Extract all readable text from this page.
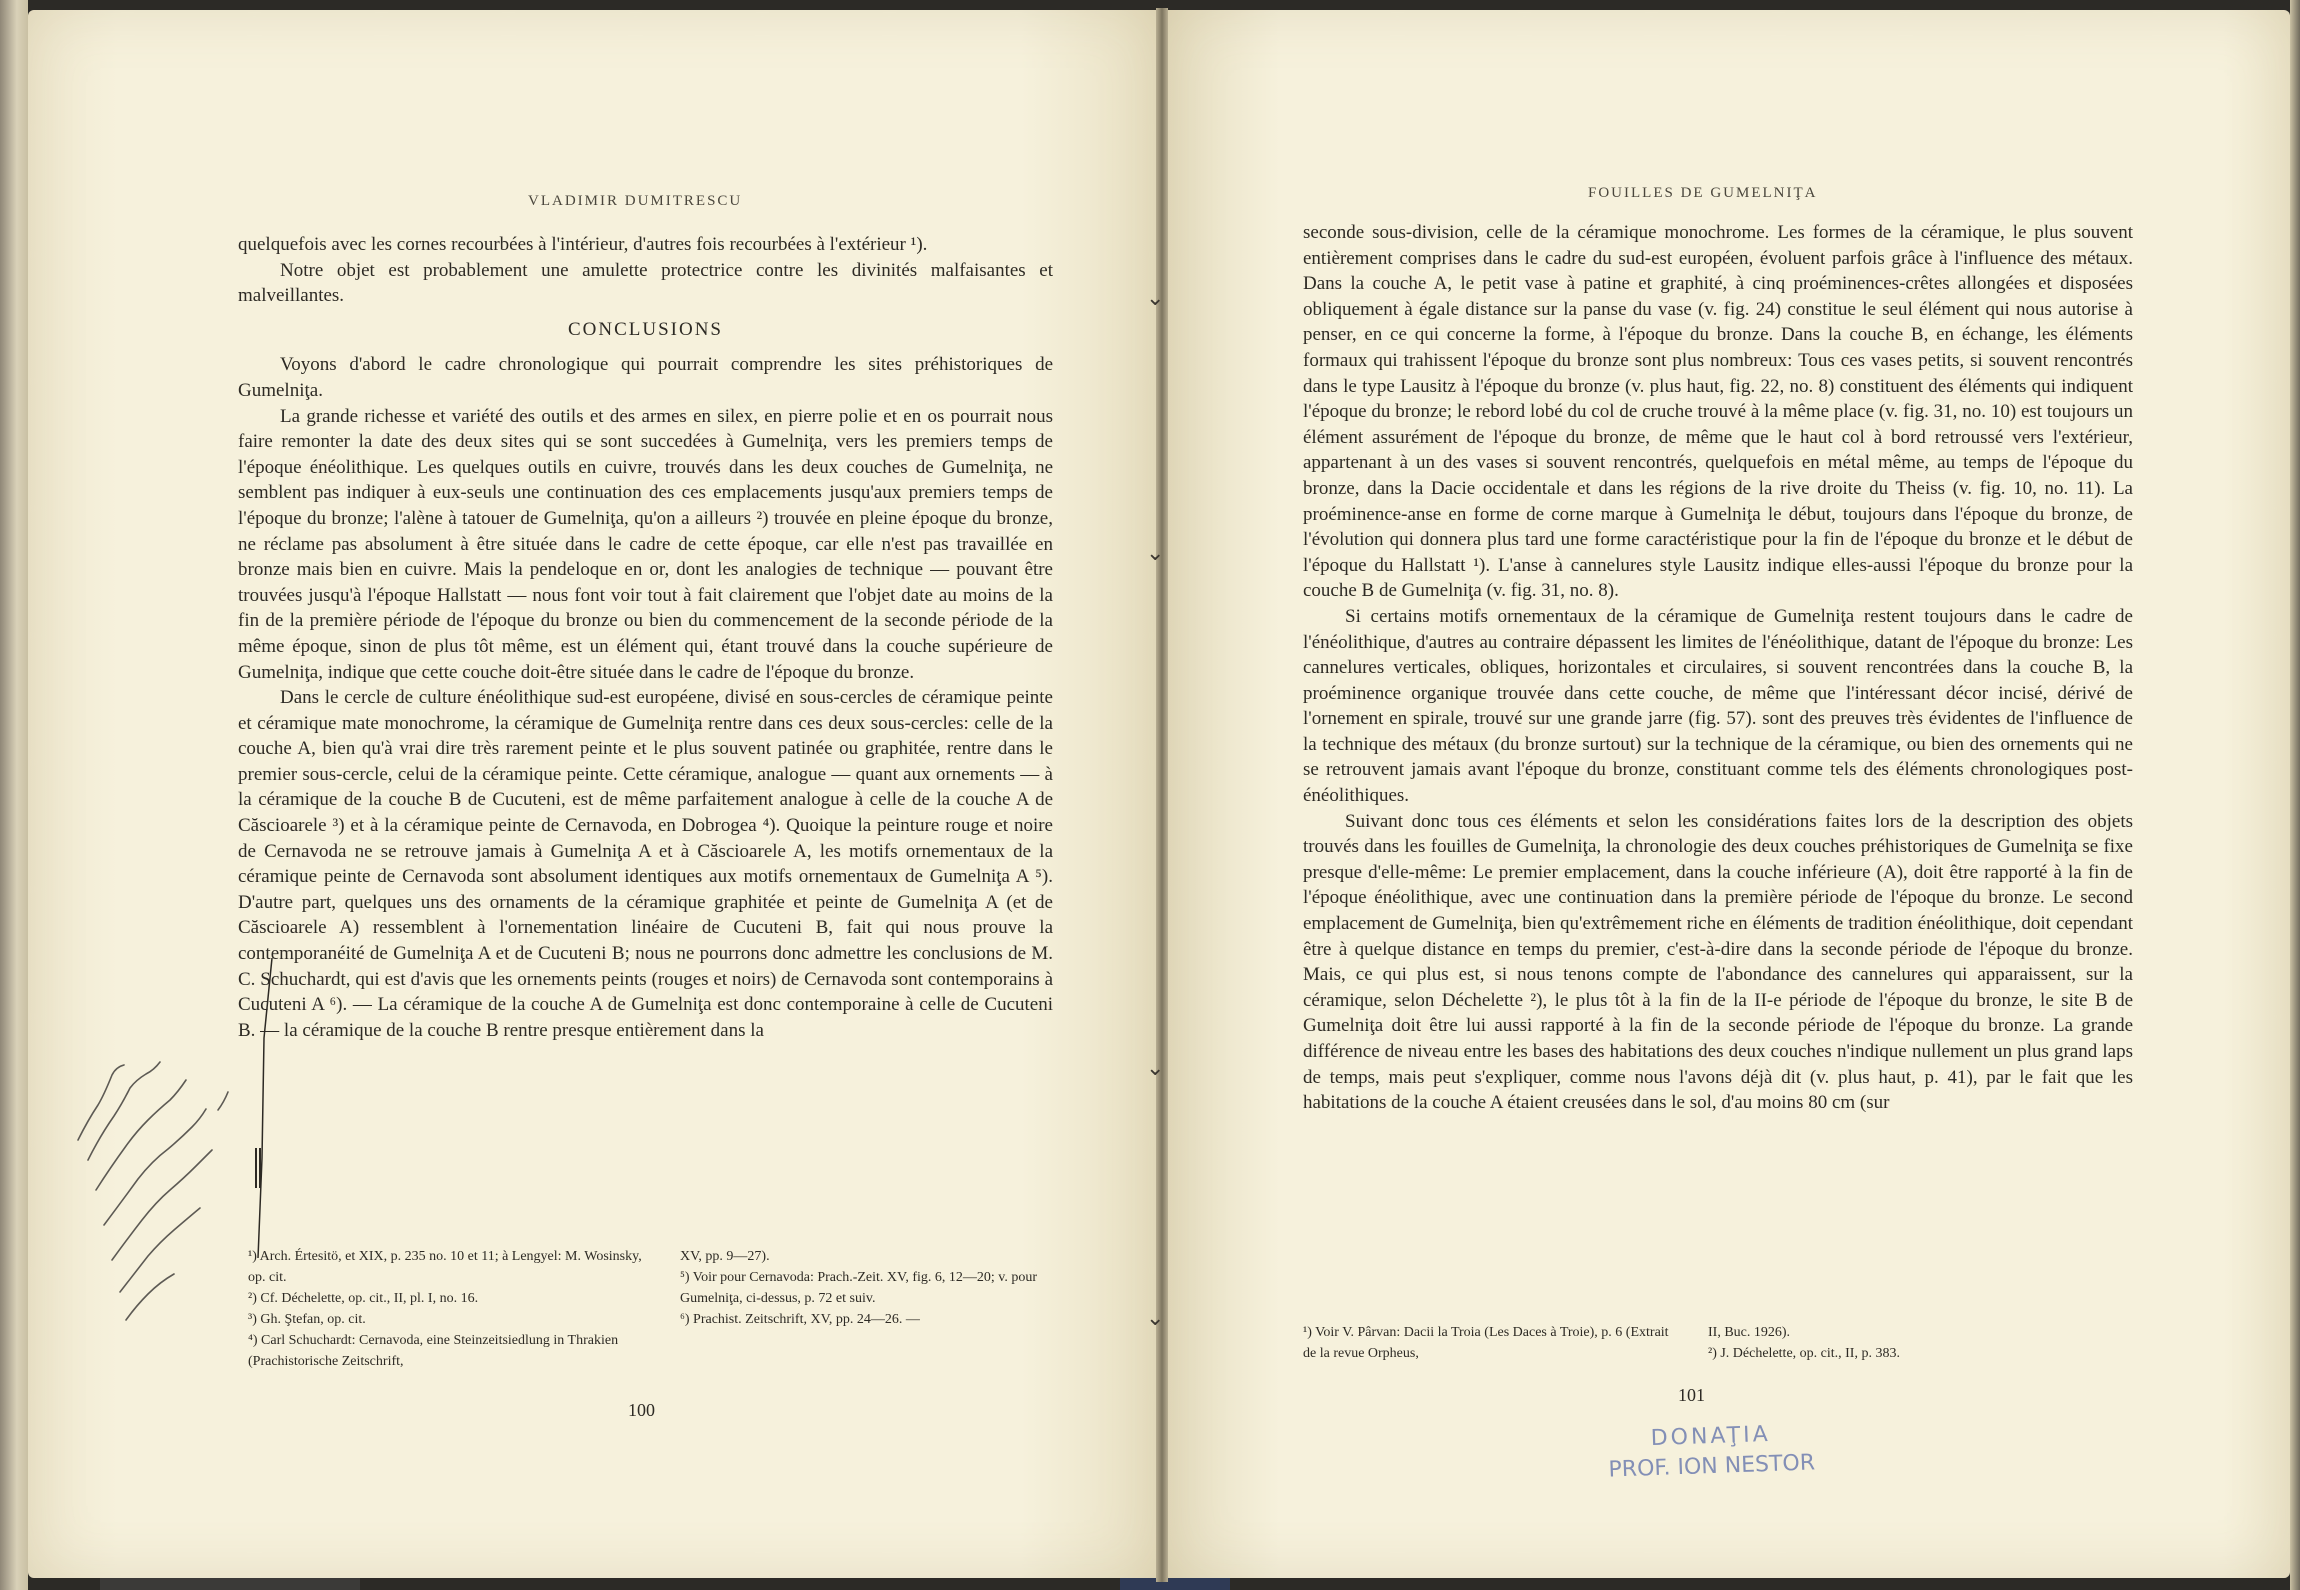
VLADIMIR DUMITRESCU

quelquefois avec les cornes recourbées à l'intérieur, d'autres fois recourbées à l'extérieur ¹).

Notre objet est probablement une amulette protectrice contre les divinités malfaisantes et malveillantes.

CONCLUSIONS

Voyons d'abord le cadre chronologique qui pourrait comprendre les sites préhistoriques de Gumelniţa.

La grande richesse et variété des outils et des armes en silex, en pierre polie et en os pourrait nous faire remonter la date des deux sites qui se sont succedées à Gumelniţa, vers les premiers temps de l'époque énéolithique. Les quelques outils en cuivre, trouvés dans les deux couches de Gumelniţa, ne semblent pas indiquer à eux-seuls une continuation des ces emplacements jusqu'aux premiers temps de l'époque du bronze; l'alène à tatouer de Gumelniţa, qu'on a ailleurs ²) trouvée en pleine époque du bronze, ne réclame pas absolument à être située dans le cadre de cette époque, car elle n'est pas travaillée en bronze mais bien en cuivre. Mais la pendeloque en or, dont les analogies de technique — pouvant être trouvées jusqu'à l'époque Hallstatt — nous font voir tout à fait clairement que l'objet date au moins de la fin de la première période de l'époque du bronze ou bien du commencement de la seconde période de la même époque, sinon de plus tôt même, est un élément qui, étant trouvé dans la couche supérieure de Gumelniţa, indique que cette couche doit-être située dans le cadre de l'époque du bronze.

Dans le cercle de culture énéolithique sud-est européene, divisé en sous-cercles de céramique peinte et céramique mate monochrome, la céramique de Gumelniţa rentre dans ces deux sous-cercles: celle de la couche A, bien qu'à vrai dire très rarement peinte et le plus souvent patinée ou graphitée, rentre dans le premier sous-cercle, celui de la céramique peinte. Cette céramique, analogue — quant aux ornements — à la céramique de la couche B de Cucuteni, est de même parfaitement analogue à celle de la couche A de Căscioarele ³) et à la céramique peinte de Cernavoda, en Dobrogea ⁴). Quoique la peinture rouge et noire de Cernavoda ne se retrouve jamais à Gumelniţa A et à Căscioarele A, les motifs ornementaux de la céramique peinte de Cernavoda sont absolument identiques aux motifs ornementaux de Gumelniţa A ⁵). D'autre part, quelques uns des ornaments de la céramique graphitée et peinte de Gumelniţa A (et de Căscioarele A) ressemblent à l'ornementation linéaire de Cucuteni B, fait qui nous prouve la contemporanéité de Gumelniţa A et de Cucuteni B; nous ne pourrons donc admettre les conclusions de M. C. Schuchardt, qui est d'avis que les ornements peints (rouges et noirs) de Cernavoda sont contemporains à Cucuteni A ⁶). — La céramique de la couche A de Gumelniţa est donc contemporaine à celle de Cucuteni B. — la céramique de la couche B rentre presque entièrement dans la

¹) Arch. Értesitö, et XIX, p. 235 no. 10 et 11; à Lengyel: M. Wosinsky, op. cit.
²) Cf. Déchelette, op. cit., II, pl. I, no. 16.
³) Gh. Ştefan, op. cit.
⁴) Carl Schuchardt: Cernavoda, eine Steinzeitsiedlung in Thrakien (Prachistorische Zeitschrift,
XV, pp. 9—27).
⁵) Voir pour Cernavoda: Prach.-Zeit. XV, fig. 6, 12—20; v. pour Gumelniţa, ci-dessus, p. 72 et suiv.
⁶) Prachist. Zeitschrift, XV, pp. 24—26. —
100
⌄
⌄
⌄
⌄
FOUILLES DE GUMELNIŢA

seconde sous-division, celle de la céramique monochrome. Les formes de la céramique, le plus souvent entièrement comprises dans le cadre du sud-est européen, évoluent parfois grâce à l'influence des métaux. Dans la couche A, le petit vase à patine et graphité, à cinq proéminences-crêtes allongées et disposées obliquement à égale distance sur la panse du vase (v. fig. 24) constitue le seul élément qui nous autorise à penser, en ce qui concerne la forme, à l'époque du bronze. Dans la couche B, en échange, les éléments formaux qui trahissent l'époque du bronze sont plus nombreux: Tous ces vases petits, si souvent rencontrés dans le type Lausitz à l'époque du bronze (v. plus haut, fig. 22, no. 8) constituent des éléments qui indiquent l'époque du bronze; le rebord lobé du col de cruche trouvé à la même place (v. fig. 31, no. 10) est toujours un élément assurément de l'époque du bronze, de même que le haut col à bord retroussé vers l'extérieur, appartenant à un des vases si souvent rencontrés, quelquefois en métal même, au temps de l'époque du bronze, dans la Dacie occidentale et dans les régions de la rive droite du Theiss (v. fig. 10, no. 11). La proéminence-anse en forme de corne marque à Gumelniţa le début, toujours dans l'époque du bronze, de l'évolution qui donnera plus tard une forme caractéristique pour la fin de l'époque du bronze et le début de l'époque du Hallstatt ¹). L'anse à cannelures style Lausitz indique elles-aussi l'époque du bronze pour la couche B de Gumelniţa (v. fig. 31, no. 8).

Si certains motifs ornementaux de la céramique de Gumelniţa restent toujours dans le cadre de l'énéolithique, d'autres au contraire dépassent les limites de l'énéolithique, datant de l'époque du bronze: Les cannelures verticales, obliques, horizontales et circulaires, si souvent rencontrées dans la couche B, la proéminence organique trouvée dans cette couche, de même que l'intéressant décor incisé, dérivé de l'ornement en spirale, trouvé sur une grande jarre (fig. 57). sont des preuves très évidentes de l'influence de la technique des métaux (du bronze surtout) sur la technique de la céramique, ou bien des ornements qui ne se retrouvent jamais avant l'époque du bronze, constituant comme tels des éléments chronologiques post-énéolithiques.

Suivant donc tous ces éléments et selon les considérations faites lors de la description des objets trouvés dans les fouilles de Gumelniţa, la chronologie des deux couches préhistoriques de Gumelniţa se fixe presque d'elle-même: Le premier emplacement, dans la couche inférieure (A), doit être rapporté à la fin de l'époque énéolithique, avec une continuation dans la première période de l'époque du bronze. Le second emplacement de Gumelniţa, bien qu'extrêmement riche en éléments de tradition énéolithique, doit cependant être à quelque distance en temps du premier, c'est-à-dire dans la seconde période de l'époque du bronze. Mais, ce qui plus est, si nous tenons compte de l'abondance des cannelures qui apparaissent, sur la céramique, selon Déchelette ²), le plus tôt à la fin de la II-e période de l'époque du bronze, le site B de Gumelniţa doit être lui aussi rapporté à la fin de la seconde période de l'époque du bronze. La grande différence de niveau entre les bases des habitations des deux couches n'indique nullement un plus grand laps de temps, mais peut s'expliquer, comme nous l'avons déjà dit (v. plus haut, p. 41), par le fait que les habitations de la couche A étaient creusées dans le sol, d'au moins 80 cm (sur

¹) Voir V. Pârvan: Dacii la Troia (Les Daces à Troie), p. 6 (Extrait de la revue Orpheus,
II, Buc. 1926).
²) J. Déchelette, op. cit., II, p. 383.
101
DONAŢIA
PROF. ION NESTOR
